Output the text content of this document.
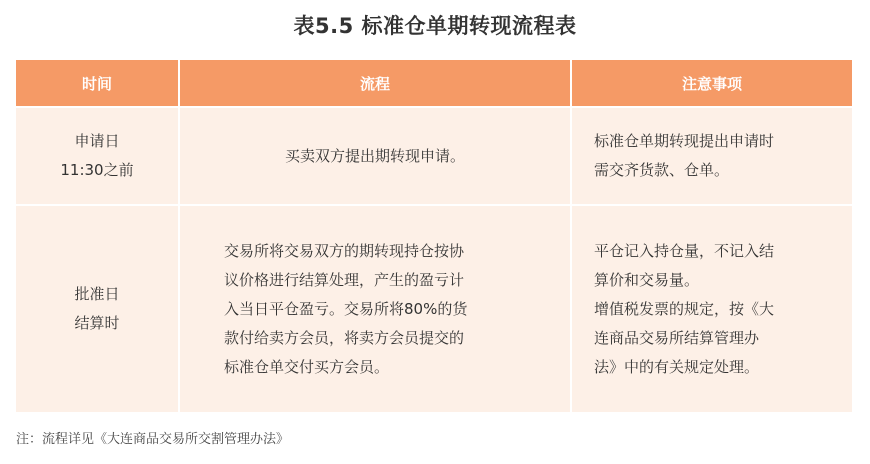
表5.5 标准仓单期转现流程表
时间	流程	注意事项

申请日
11:30之前	买卖双方提出期转现申请。	标准仓单期转现提出申请时
需交齐货款、仓单。

批准日
结算时	交易所将交易双方的期转现持仓按协
议价格进行结算处理，产生的盈亏计
入当日平仓盈亏。交易所将80%的货
款付给卖方会员，将卖方会员提交的
标准仓单交付买方会员。	平仓记入持仓量，不记入结
算价和交易量。
增值税发票的规定，按《大
连商品交易所结算管理办
法》中的有关规定处理。
注：流程详见《大连商品交易所交割管理办法》
